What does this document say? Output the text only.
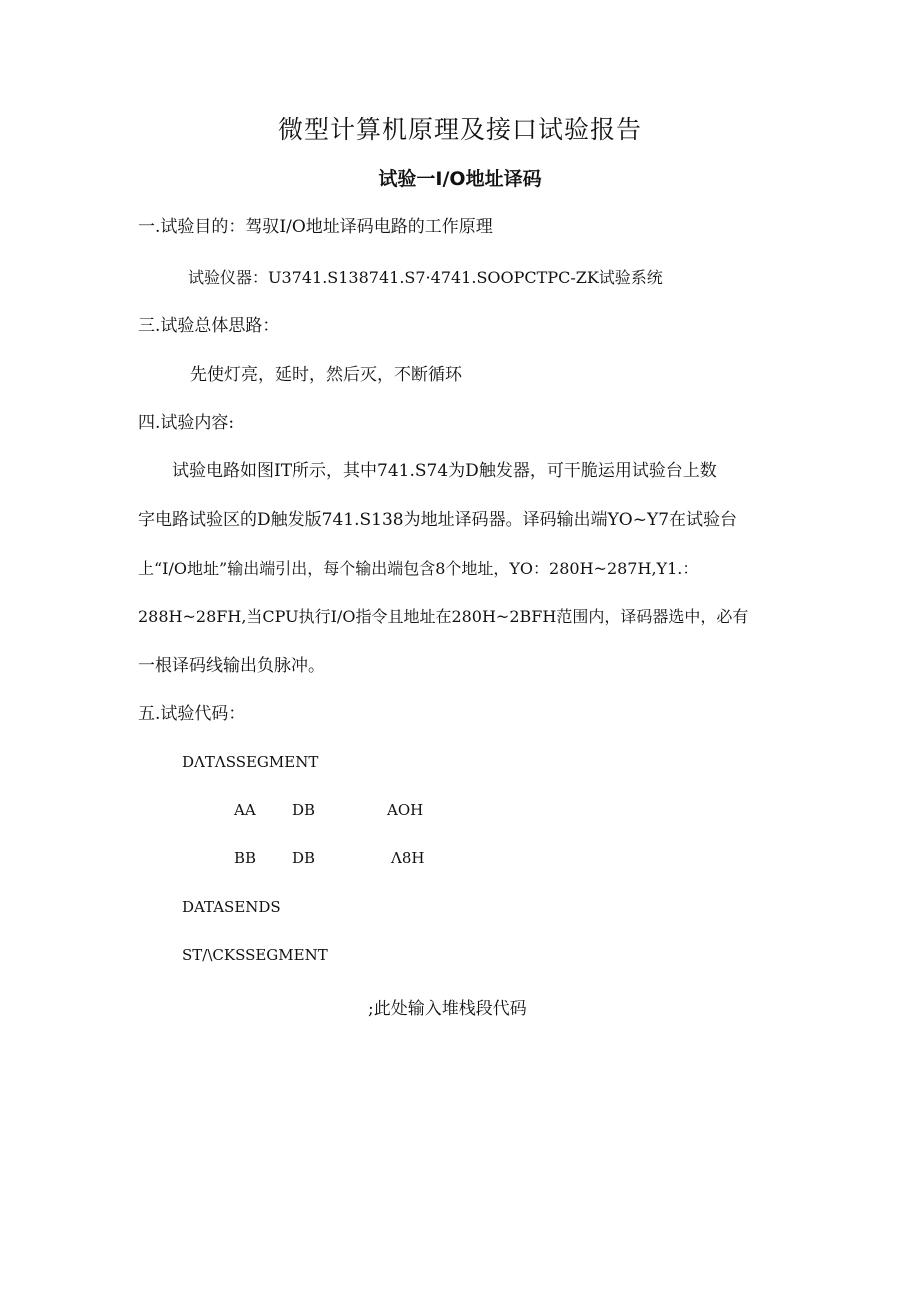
微型计算机原理及接口试验报告
试验一I/O地址译码
一.试验目的：驾驭I/O地址译码电路的工作原理
试验仪器：U3741.S138741.S7·4741.SOOPCTPC-ZK试验系统
三.试验总体思路：
先使灯亮，延时，然后灭，不断循环
四.试验内容:
试验电路如图IT所示，其中741.S74为D触发器，可干脆运用试验台上数
字电路试验区的D触发版741.S138为地址译码器。译码输出端YO~Y7在试验台
上“I/O地址”输出端引出，每个输出端包含8个地址，YO：280H~287H,Y1.：
288H~28FH,当CPU执行I/O指令且地址在280H~2BFH范围内，译码器选中，必有
一根译码线输出负脉冲。
五.试验代码：
DΛTΛSSEGMENT
AA DB	AOH
BB DB	Λ8H
DATASENDS
ST/\CKSSEGMENT
;此处输入堆栈段代码
